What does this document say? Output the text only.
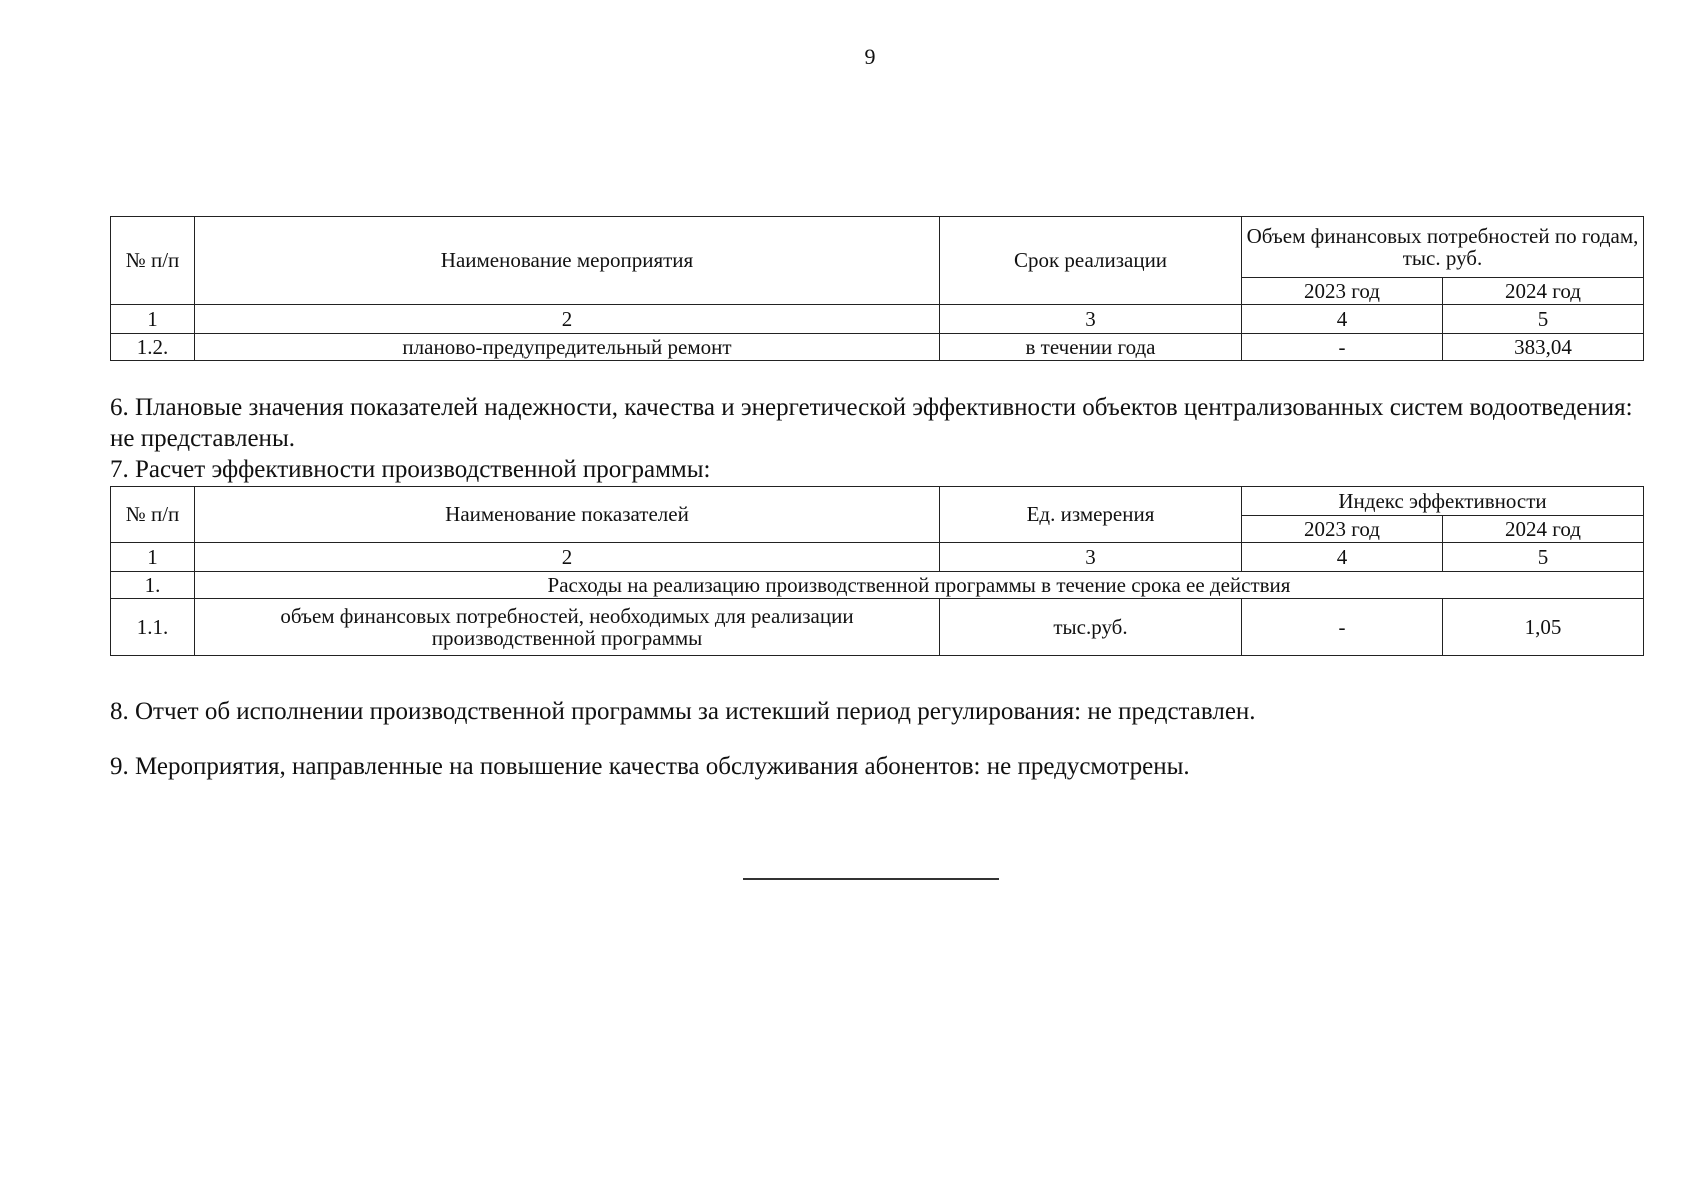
9
№ п/п	Наименование мероприятия	Срок реализации	Объем финансовых потребностей по годам, тыс. руб.	
			2023 год	2024 год
1	2	3	4	5
1.2.	планово-предупредительный ремонт	в течении года	-	383,04

6. Плановые значения показателей надежности, качества и энергетической эффективности объектов централизованных систем водоотведения: не представлены.

7. Расчет эффективности производственной программы:

№ п/п	Наименование показателей	Ед. измерения	Индекс эффективности	
			2023 год	2024 год
1	2	3	4	5
1.	Расходы на реализацию производственной программы в течение срока ее действия			
1.1.	объем финансовых потребностей, необходимых для реализации производственной программы	тыс.руб.	-	1,05

8. Отчет об исполнении производственной программы за истекший период регулирования: не представлен.

9. Мероприятия, направленные на повышение качества обслуживания абонентов: не предусмотрены.
